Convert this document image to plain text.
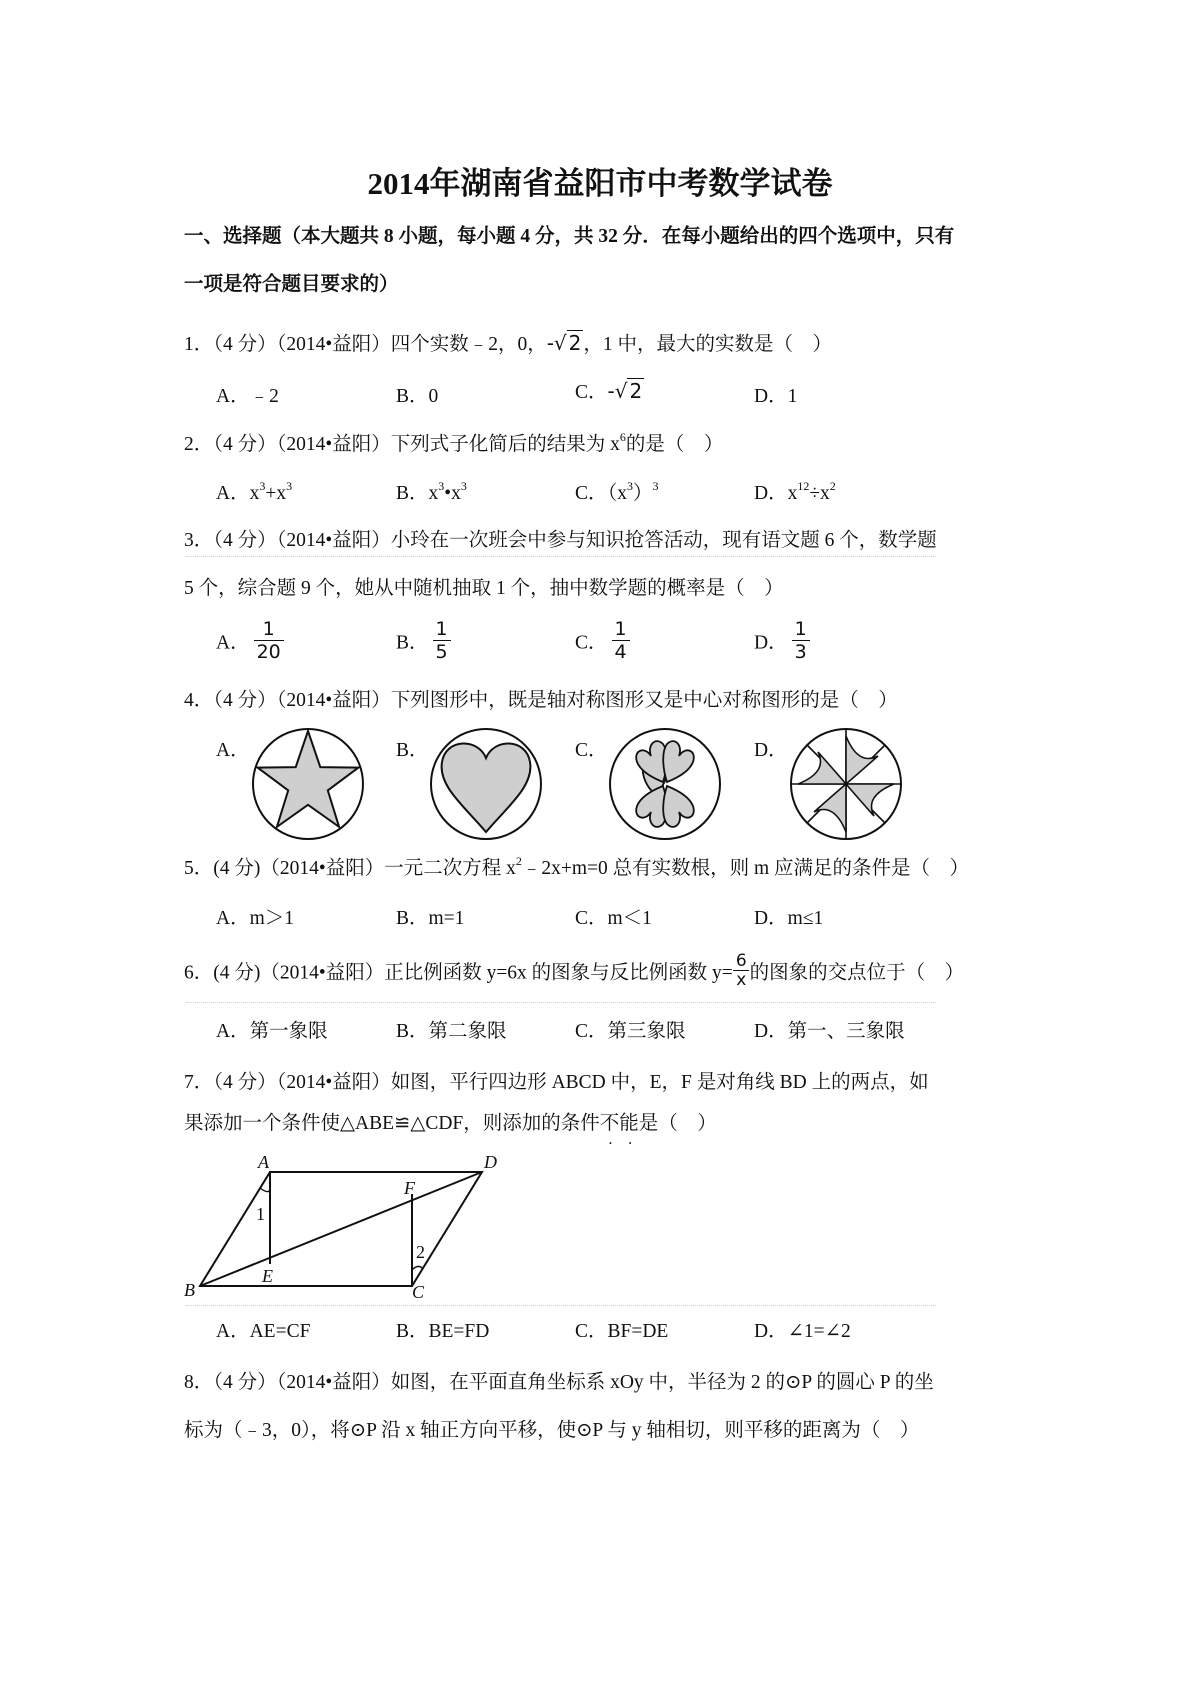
2014年湖南省益阳市中考数学试卷
一、选择题（本大题共 8 小题，每小题 4 分，共 32 分．在每小题给出的四个选项中，只有
一项是符合题目要求的）
1．（4 分）（2014•益阳）四个实数﹣2，0，-√ 2 ，1 中，最大的实数是（　）
A．﹣2	B．0	C．-√ 2	D．1
2．（4 分）（2014•益阳）下列式子化简后的结果为 $x^6$的是（　）
A．$x^3+x^3$	B．$x^3•x^3$	C．$(x^3)^3$	D．$x^{12}\div x^2$
3．（4 分）（2014•益阳）小玲在一次班会中参与知识抢答活动，现有语文题 6 个，数学题
5 个，综合题 9 个，她从中随机抽取 1 个，抽中数学题的概率是（　）
A． $\frac{1}{20}$	B． $\frac{1}{5}$	C． $\frac{1}{4}$	D． $\frac{1}{3}$
4．（4 分）（2014•益阳）下列图形中，既是轴对称图形又是中心对称图形的是（　）
A．	B．	C．	D．
5．(4 分)（2014•益阳）一元二次方程 $x^2﹣2x+m=0$ 总有实数根，则 m 应满足的条件是（　）
A．m＞1	B．m=1	C．m＜1	D．m≤1
6．(4 分)（2014•益阳）正比例函数 y=6x 的图象与反比例函数 $y= \frac{6}{x}$ 的图象的交点位于（　）
A．第一象限	B．第二象限	C．第三象限	D．第一、三象限
7．（4 分）（2014•益阳）如图，平行四边形 ABCD 中，E，F 是对角线 BD 上的两点，如
果添加一个条件使△ABE≌△CDF，则添加的条件不能是（　）
A	D
B	C
E
F
1
2
A．AE=CF	B．BE=FD	C．BF=DE	D．∠1=∠2
8．（4 分）（2014•益阳）如图，在平面直角坐标系 xOy 中，半径为 2 的⊙P 的圆心 P 的坐
标为（﹣3，0），将⊙P 沿 x 轴正方向平移，使⊙P 与 y 轴相切，则平移的距离为（　）
